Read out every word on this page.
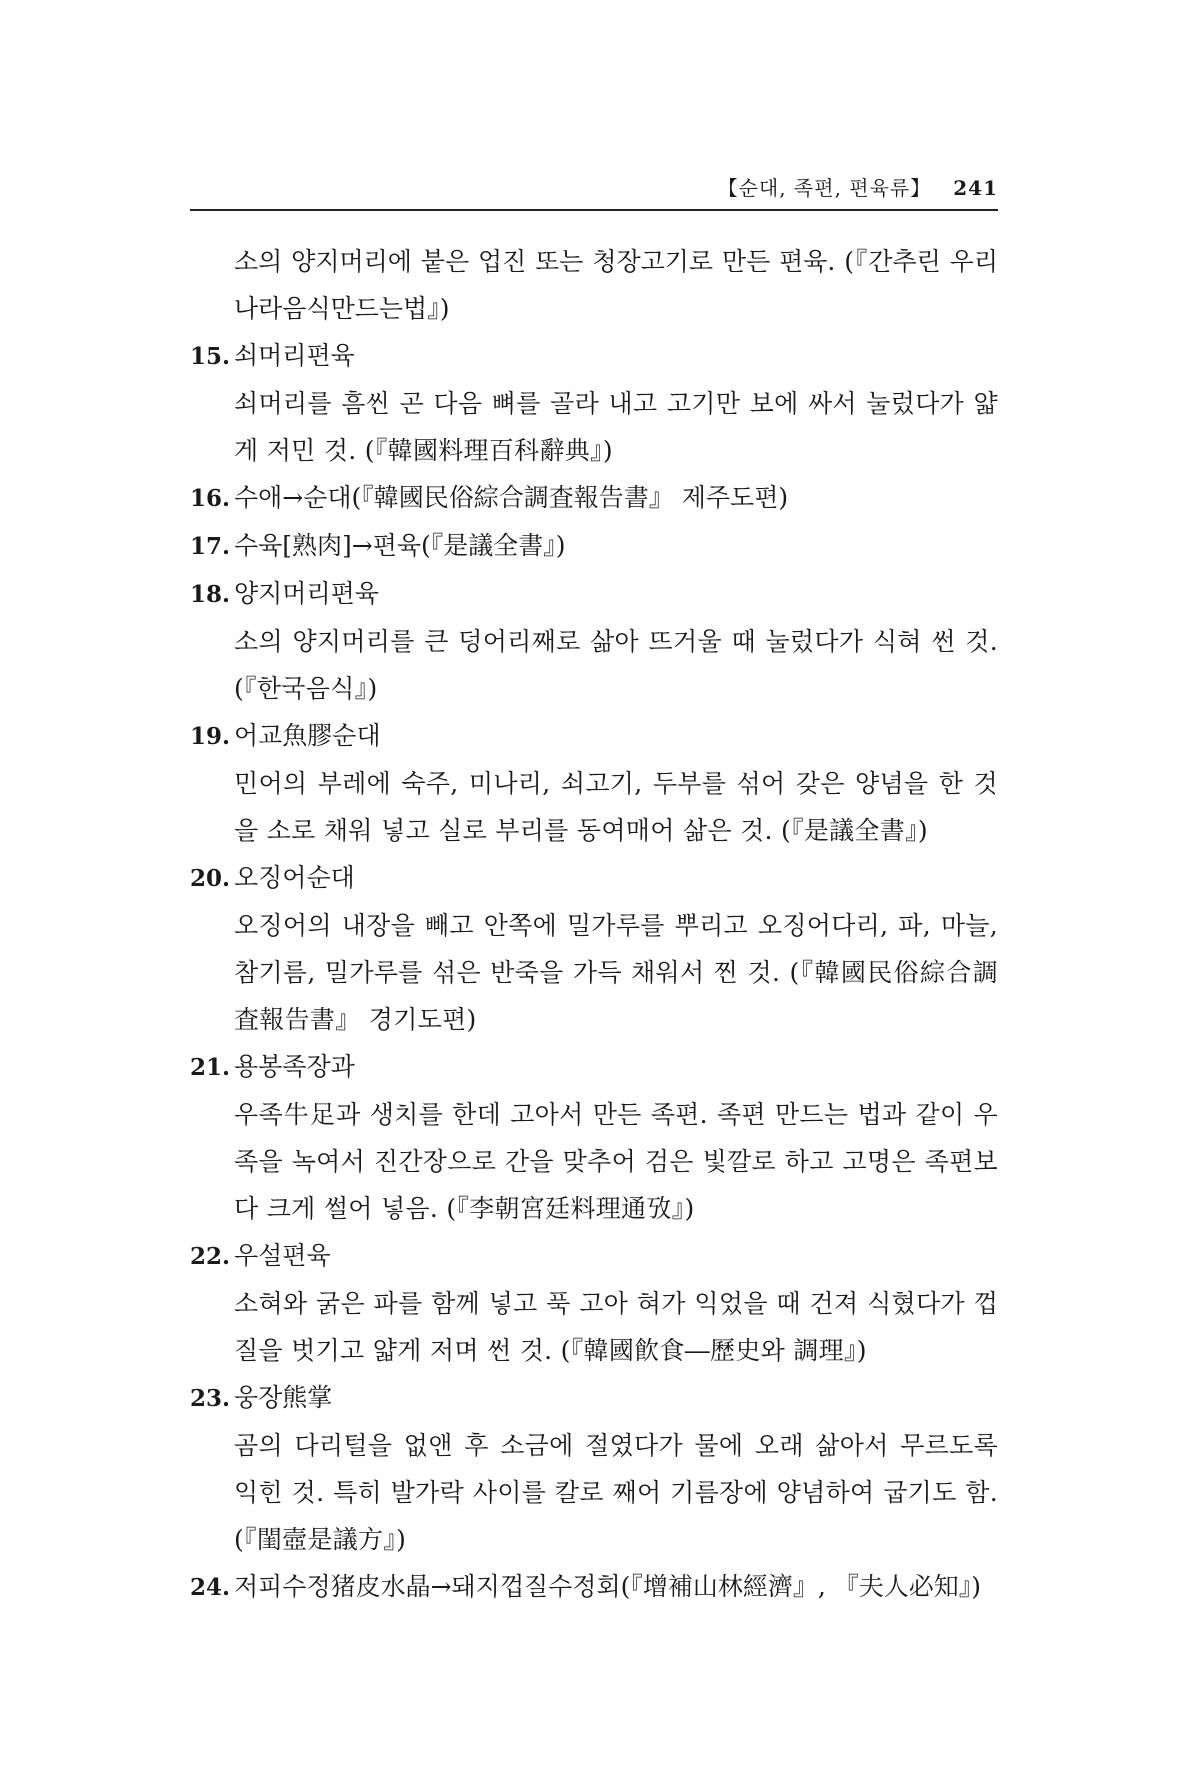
【순대, 족편, 편육류】 241
소의 양지머리에 붙은 업진 또는 청장고기로 만든 편육. (『간추린 우리나라음식만드는법』)
15. 쇠머리편육
쇠머리를 흠씬 곤 다음 뼈를 골라 내고 고기만 보에 싸서 눌렀다가 얇게 저민 것. (『韓國料理百科辭典』)
16. 수애→순대(『韓國民俗綜合調査報告書』 제주도편)
17. 수육[熟肉]→편육(『是議全書』)
18. 양지머리편육
소의 양지머리를 큰 덩어리째로 삶아 뜨거울 때 눌렀다가 식혀 썬 것. (『한국음식』)
19. 어교魚膠순대
민어의 부레에 숙주, 미나리, 쇠고기, 두부를 섞어 갖은 양념을 한 것을 소로 채워 넣고 실로 부리를 동여매어 삶은 것. (『是議全書』)
20. 오징어순대
오징어의 내장을 빼고 안쪽에 밀가루를 뿌리고 오징어다리, 파, 마늘, 참기름, 밀가루를 섞은 반죽을 가득 채워서 찐 것. (『韓國民俗綜合調査報告書』 경기도편)
21. 용봉족장과
우족牛足과 생치를 한데 고아서 만든 족편. 족편 만드는 법과 같이 우족을 녹여서 진간장으로 간을 맞추어 검은 빛깔로 하고 고명은 족편보다 크게 썰어 넣음. (『李朝宮廷料理通攷』)
22. 우설편육
소혀와 굵은 파를 함께 넣고 푹 고아 혀가 익었을 때 건져 식혔다가 껍질을 벗기고 얇게 저며 썬 것. (『韓國飮食―歷史와 調理』)
23. 웅장熊掌
곰의 다리털을 없앤 후 소금에 절였다가 물에 오래 삶아서 무르도록 익힌 것. 특히 발가락 사이를 칼로 째어 기름장에 양념하여 굽기도 함. (『閨壼是議方』)
24. 저피수정猪皮水晶→돼지껍질수정회(『增補山林經濟』, 『夫人必知』)
